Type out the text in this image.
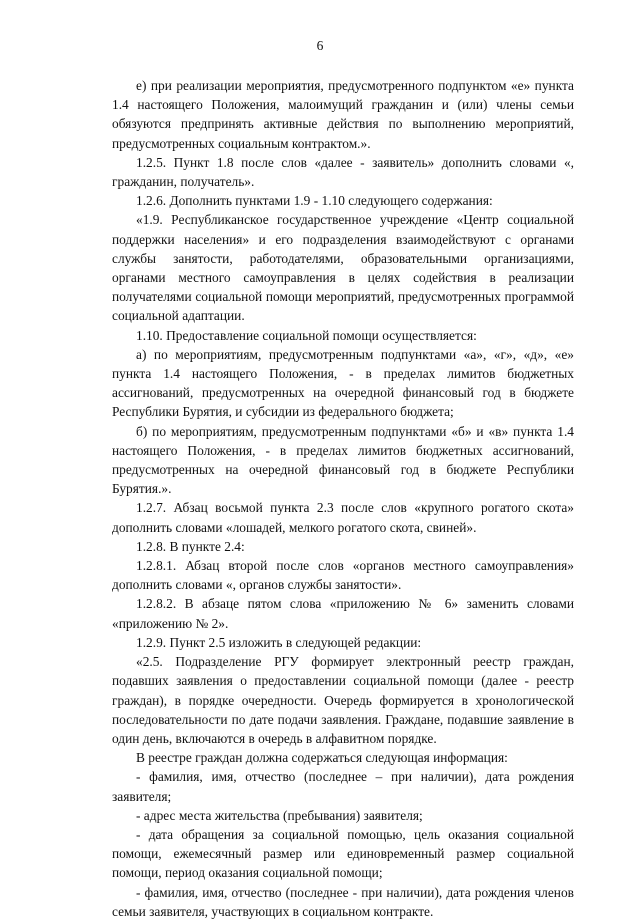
6

е) при реализации мероприятия, предусмотренного подпунктом «е» пункта 1.4 настоящего Положения, малоимущий гражданин и (или) члены семьи обязуются предпринять активные действия по выполнению мероприятий, предусмотренных социальным контрактом.».

1.2.5. Пункт 1.8 после слов «далее - заявитель» дополнить словами «, гражданин, получатель».

1.2.6. Дополнить пунктами 1.9 - 1.10 следующего содержания:

«1.9. Республиканское государственное учреждение «Центр социальной поддержки населения» и его подразделения взаимодействуют с органами службы занятости, работодателями, образовательными организациями, органами местного самоуправления в целях содействия в реализации получателями социальной помощи мероприятий, предусмотренных программой социальной адаптации.

1.10. Предоставление социальной помощи осуществляется:

а) по мероприятиям, предусмотренным подпунктами «а», «г», «д», «е» пункта 1.4 настоящего Положения, - в пределах лимитов бюджетных ассигнований, предусмотренных на очередной финансовый год в бюджете Республики Бурятия, и субсидии из федерального бюджета;

б) по мероприятиям, предусмотренным подпунктами «б» и «в» пункта 1.4 настоящего Положения, - в пределах лимитов бюджетных ассигнований, предусмотренных на очередной финансовый год в бюджете Республики Бурятия.».

1.2.7. Абзац восьмой пункта 2.3 после слов «крупного рогатого скота» дополнить словами «лошадей, мелкого рогатого скота, свиней».

1.2.8. В пункте 2.4:

1.2.8.1. Абзац второй после слов «органов местного самоуправления» дополнить словами «, органов службы занятости».

1.2.8.2. В абзаце пятом слова «приложению № 6» заменить словами «приложению № 2».

1.2.9. Пункт 2.5 изложить в следующей редакции:

«2.5. Подразделение РГУ формирует электронный реестр граждан, подавших заявления о предоставлении социальной помощи (далее - реестр граждан), в порядке очередности. Очередь формируется в хронологической последовательности по дате подачи заявления. Граждане, подавшие заявление в один день, включаются в очередь в алфавитном порядке.

В реестре граждан должна содержаться следующая информация:

- фамилия, имя, отчество (последнее – при наличии), дата рождения заявителя;

- адрес места жительства (пребывания) заявителя;

- дата обращения за социальной помощью, цель оказания социальной помощи, ежемесячный размер или единовременный размер социальной помощи, период оказания социальной помощи;

- фамилия, имя, отчество (последнее - при наличии), дата рождения членов семьи заявителя, участвующих в социальном контракте.
